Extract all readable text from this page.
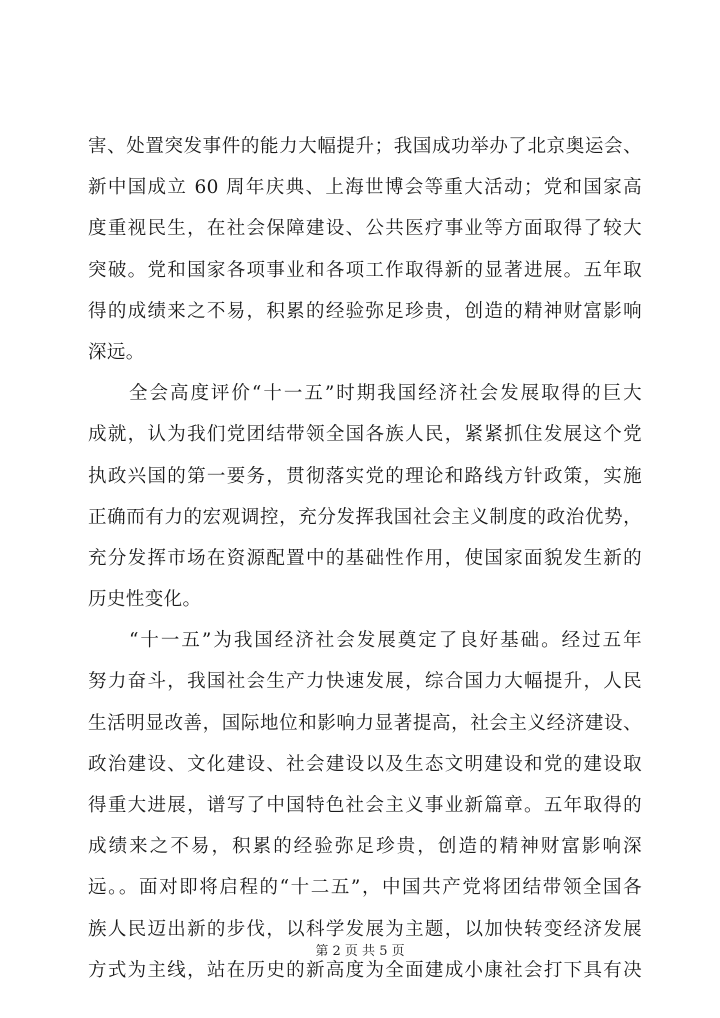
害、处置突发事件的能力大幅提升；我国成功举办了北京奥运会、
新中国成立 60 周年庆典、上海世博会等重大活动；党和国家高
度重视民生，在社会保障建设、公共医疗事业等方面取得了较大
突破。党和国家各项事业和各项工作取得新的显著进展。五年取
得的成绩来之不易，积累的经验弥足珍贵，创造的精神财富影响
深远。
　　全会高度评价“十一五”时期我国经济社会发展取得的巨大
成就，认为我们党团结带领全国各族人民，紧紧抓住发展这个党
执政兴国的第一要务，贯彻落实党的理论和路线方针政策，实施
正确而有力的宏观调控，充分发挥我国社会主义制度的政治优势，
充分发挥市场在资源配置中的基础性作用，使国家面貌发生新的
历史性变化。
　　“十一五”为我国经济社会发展奠定了良好基础。经过五年
努力奋斗，我国社会生产力快速发展，综合国力大幅提升，人民
生活明显改善，国际地位和影响力显著提高，社会主义经济建设、
政治建设、文化建设、社会建设以及生态文明建设和党的建设取
得重大进展，谱写了中国特色社会主义事业新篇章。五年取得的
成绩来之不易，积累的经验弥足珍贵，创造的精神财富影响深
远。。面对即将启程的“十二五”，中国共产党将团结带领全国各
族人民迈出新的步伐，以科学发展为主题，以加快转变经济发展
方式为主线，站在历史的新高度为全面建成小康社会打下具有决
第 2 页 共 5 页
